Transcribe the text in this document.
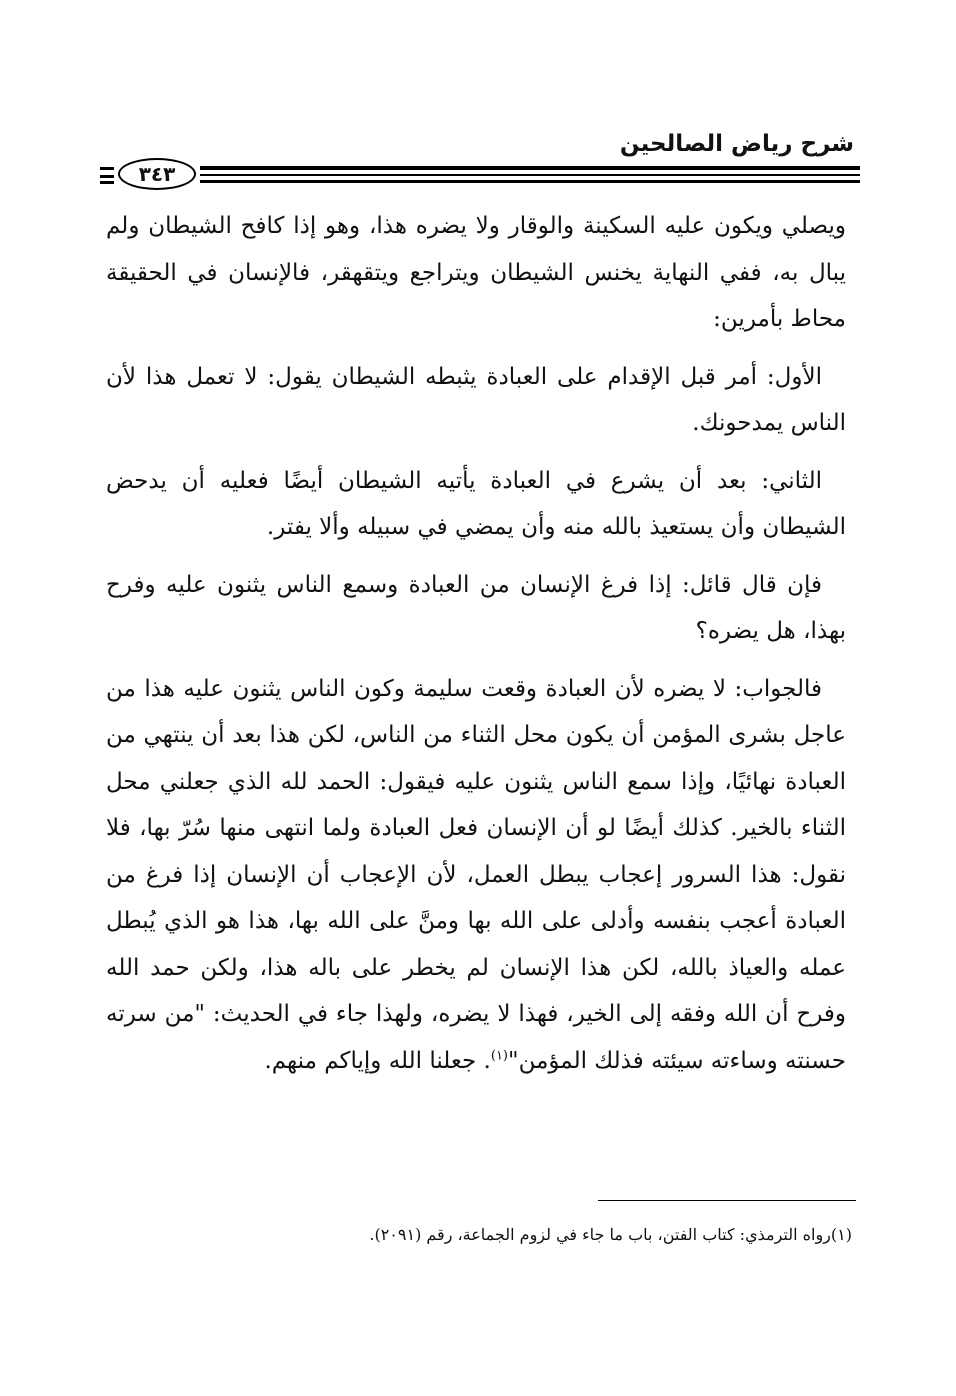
شرح رياض الصالحين
٣٤٣

ويصلي ويكون عليه السكينة والوقار ولا يضره هذا، وهو إذا كافح الشيطان ولم يبال به، ففي النهاية يخنس الشيطان ويتراجع ويتقهقر، فالإنسان في الحقيقة محاط بأمرين:

الأول: أمر قبل الإقدام على العبادة يثبطه الشيطان يقول: لا تعمل هذا لأن الناس يمدحونك.

الثاني: بعد أن يشرع في العبادة يأتيه الشيطان أيضًا فعليه أن يدحض الشيطان وأن يستعيذ بالله منه وأن يمضي في سبيله وألا يفتر.

فإن قال قائل: إذا فرغ الإنسان من العبادة وسمع الناس يثنون عليه وفرح بهذا، هل يضره؟

فالجواب: لا يضره لأن العبادة وقعت سليمة وكون الناس يثنون عليه هذا من عاجل بشرى المؤمن أن يكون محل الثناء من الناس، لكن هذا بعد أن ينتهي من العبادة نهائيًا، وإذا سمع الناس يثنون عليه فيقول: الحمد لله الذي جعلني محل الثناء بالخير. كذلك أيضًا لو أن الإنسان فعل العبادة ولما انتهى منها سُرّ بها، فلا نقول: هذا السرور إعجاب يبطل العمل، لأن الإعجاب أن الإنسان إذا فرغ من العبادة أعجب بنفسه وأدلى على الله بها ومنَّ على الله بها، هذا هو الذي يُبطل عمله والعياذ بالله، لكن هذا الإنسان لم يخطر على باله هذا، ولكن حمد الله وفرح أن الله وفقه إلى الخير، فهذا لا يضره، ولهذا جاء في الحديث: "من سرته حسنته وساءته سيئته فذلك المؤمن"$^{(١)}$. جعلنا الله وإياكم منهم.

(١)رواه الترمذي: كتاب الفتن، باب ما جاء في لزوم الجماعة، رقم (٢٠٩١).
